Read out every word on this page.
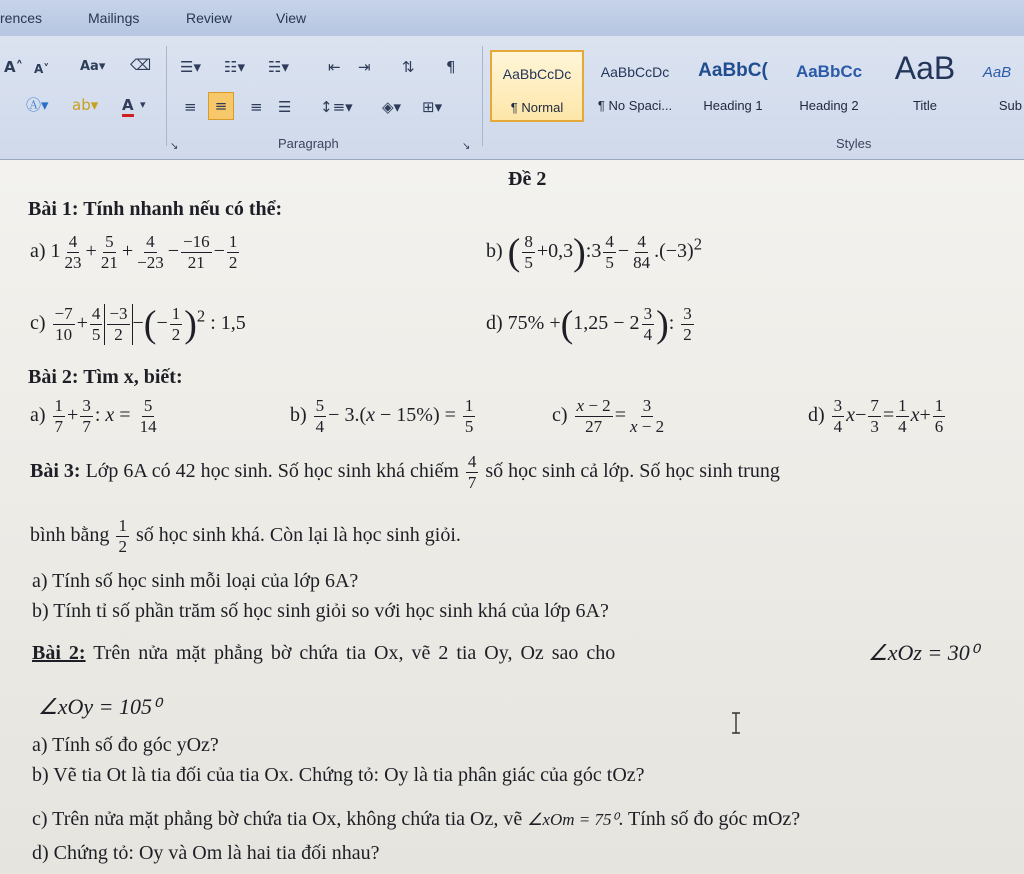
rences	Mailings	Review	View
A˄ A˅ Aa▾ ⌫
Ⓐ▾ ab▾ A ▾
☰▾ ☷▾ ☵▾	⇤ ⇥ ⇅ ¶
≡	≡	≡ ☰ ↕≡▾ ◈▾ ⊞▾
Paragraph
↘	↘
AaBbCcDc
¶ Normal
AaBbCcDc
¶ No Spaci...
AaBbC(
Heading 1
AaBbCc
Heading 2
AaB
Title
AaB
Sub
Styles
Đề 2
Bài 1: Tính nhanh nếu có thể:
a) $1 \frac{4}{23} + \frac{5}{21} + \frac{4}{-23} - \frac{-16}{21} - \frac{1}{2}$	b) ( $\frac{8}{5}$ +0,3):3 $\frac{4}{5} - \frac{4}{84} .(-3)^2$
$c) \frac{-7}{10} + \frac{4}{5} \frac{-3}{2}$ −(− $\frac{1}{2} )^2$ : 1,5	d) $75\% +(1,25 - 2 \frac{3}{4}$ ): $\frac{3}{2}$
Bài 2: Tìm x, biết:
$a) \frac{1}{7} + \frac{3}{7}$ : $x = \frac{5}{14}$	$b) \frac{5}{4} - 3.(x - 15\%) = \frac{1}{5}$	$c) \frac{x - 2}{27} = \frac{3}{x - 2}$	$d) \frac{3}{4} x- \frac{7}{3} = \frac{1}{4} x+ \frac{1}{6}$
Bài 3: Lớp 6A có 42 học sinh. Số học sinh khá chiếm $\frac{4}{7}$ số học sinh cả lớp. Số học sinh trung
bình bằng $\frac{1}{2}$ số học sinh khá. Còn lại là học sinh giỏi.
a) Tính số học sinh mỗi loại của lớp 6A?
b) Tính tỉ số phần trăm số học sinh giỏi so với học sinh khá của lớp 6A?
Bài 2: Trên nửa mặt phẳng bờ chứa tia Ox, vẽ 2 tia Oy, Oz sao cho	∠xOz = 30⁰
∠xOy = 105⁰
a) Tính số đo góc yOz?
b) Vẽ tia Ot là tia đối của tia Ox. Chứng tỏ: Oy là tia phân giác của góc tOz?
c) Trên nửa mặt phẳng bờ chứa tia Ox, không chứa tia Oz, vẽ ∠xOm = 75⁰. Tính số đo góc mOz?
d) Chứng tỏ: Oy và Om là hai tia đối nhau?
